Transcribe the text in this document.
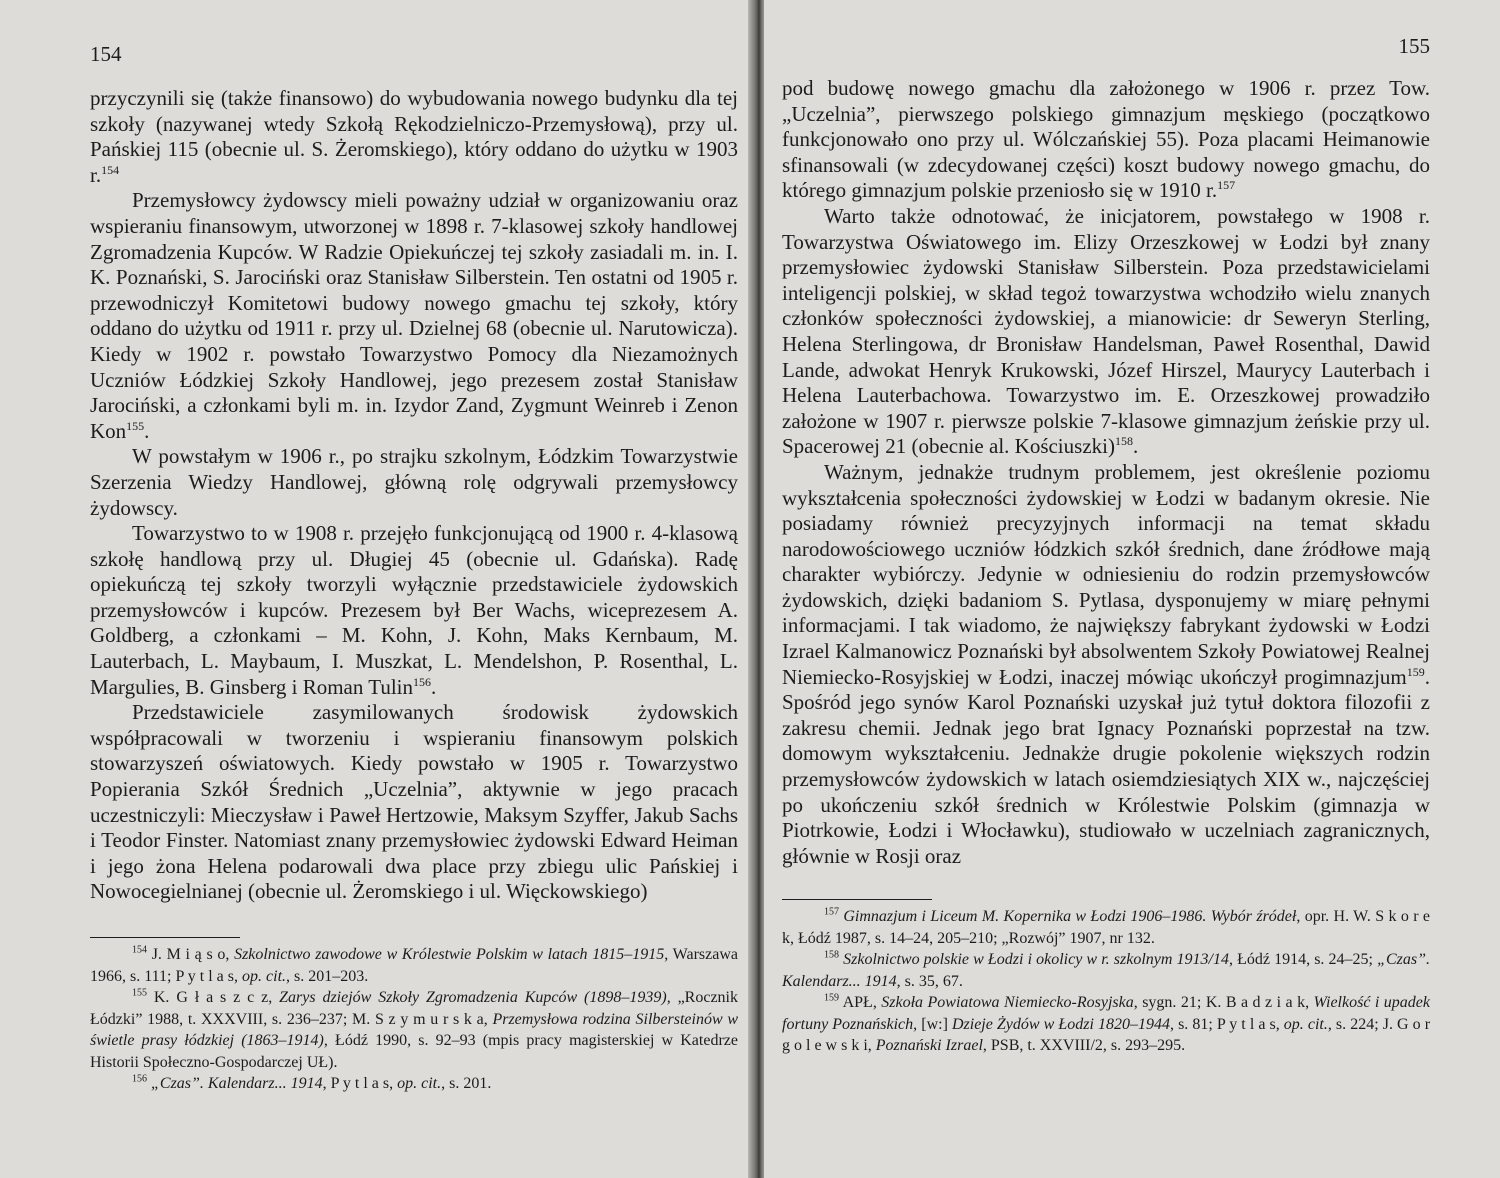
154

przyczynili się (także finansowo) do wybudowania nowego budynku dla tej szkoły (nazywanej wtedy Szkołą Rękodzielniczo-Przemysłową), przy ul. Pańskiej 115 (obecnie ul. S. Żeromskiego), który oddano do użytku w 1903 r.$^{154}$

Przemysłowcy żydowscy mieli poważny udział w organizowaniu oraz wspieraniu finansowym, utworzonej w 1898 r. 7-klasowej szkoły handlowej Zgromadzenia Kupców. W Radzie Opiekuńczej tej szkoły zasiadali m. in. I. K. Poznański, S. Jarociński oraz Stanisław Silberstein. Ten ostatni od 1905 r. przewodniczył Komitetowi budowy nowego gmachu tej szkoły, który oddano do użytku od 1911 r. przy ul. Dzielnej 68 (obecnie ul. Narutowicza). Kiedy w 1902 r. powstało Towarzystwo Pomocy dla Niezamożnych Uczniów Łódzkiej Szkoły Handlowej, jego prezesem został Stanisław Jarociński, a członkami byli m. in. Izydor Zand, Zygmunt Weinreb i Zenon Kon$^{155}$.

W powstałym w 1906 r., po strajku szkolnym, Łódzkim Towarzystwie Szerzenia Wiedzy Handlowej, główną rolę odgrywali przemysłowcy żydowscy.

Towarzystwo to w 1908 r. przejęło funkcjonującą od 1900 r. 4-klasową szkołę handlową przy ul. Długiej 45 (obecnie ul. Gdańska). Radę opiekuńczą tej szkoły tworzyli wyłącznie przedstawiciele żydowskich przemysłowców i kupców. Prezesem był Ber Wachs, wiceprezesem A. Goldberg, a członkami – M. Kohn, J. Kohn, Maks Kernbaum, M. Lauterbach, L. Maybaum, I. Muszkat, L. Mendelshon, P. Rosenthal, L. Margulies, B. Ginsberg i Roman Tulin$^{156}$.

Przedstawiciele zasymilowanych środowisk żydowskich współpracowali w tworzeniu i wspieraniu finansowym polskich stowarzyszeń oświatowych. Kiedy powstało w 1905 r. Towarzystwo Popierania Szkół Średnich „Uczelnia”, aktywnie w jego pracach uczestniczyli: Mieczysław i Paweł Hertzowie, Maksym Szyffer, Jakub Sachs i Teodor Finster. Natomiast znany przemysłowiec żydowski Edward Heiman i jego żona Helena podarowali dwa place przy zbiegu ulic Pańskiej i Nowocegielnianej (obecnie ul. Żeromskiego i ul. Więckowskiego)

$^{154}$ J. M i ą s o, Szkolnictwo zawodowe w Królestwie Polskim w latach 1815–1915, Warszawa 1966, s. 111; P y t l a s, op. cit., s. 201–203.

$^{155}$ K. G ł a s z c z, Zarys dziejów Szkoły Zgromadzenia Kupców (1898–1939), „Rocznik Łódzki” 1988, t. XXXVIII, s. 236–237; M. S z y m u r s k a, Przemysłowa rodzina Silbersteinów w świetle prasy łódzkiej (1863–1914), Łódź 1990, s. 92–93 (mpis pracy magisterskiej w Katedrze Historii Społeczno-Gospodarczej UŁ).

$^{156}$ „Czas”. Kalendarz... 1914, P y t l a s, op. cit., s. 201.

155

pod budowę nowego gmachu dla założonego w 1906 r. przez Tow. „Uczelnia”, pierwszego polskiego gimnazjum męskiego (początkowo funkcjonowało ono przy ul. Wólczańskiej 55). Poza placami Heimanowie sfinansowali (w zdecydowanej części) koszt budowy nowego gmachu, do którego gimnazjum polskie przeniosło się w 1910 r.$^{157}$

Warto także odnotować, że inicjatorem, powstałego w 1908 r. Towarzystwa Oświatowego im. Elizy Orzeszkowej w Łodzi był znany przemysłowiec żydowski Stanisław Silberstein. Poza przedstawicielami inteligencji polskiej, w skład tegoż towarzystwa wchodziło wielu znanych członków społeczności żydowskiej, a mianowicie: dr Seweryn Sterling, Helena Sterlingowa, dr Bronisław Handelsman, Paweł Rosenthal, Dawid Lande, adwokat Henryk Krukowski, Józef Hirszel, Maurycy Lauterbach i Helena Lauterbachowa. Towarzystwo im. E. Orzeszkowej prowadziło założone w 1907 r. pierwsze polskie 7-klasowe gimnazjum żeńskie przy ul. Spacerowej 21 (obecnie al. Kościuszki)$^{158}$.

Ważnym, jednakże trudnym problemem, jest określenie poziomu wykształcenia społeczności żydowskiej w Łodzi w badanym okresie. Nie posiadamy również precyzyjnych informacji na temat składu narodowościowego uczniów łódzkich szkół średnich, dane źródłowe mają charakter wybiórczy. Jedynie w odniesieniu do rodzin przemysłowców żydowskich, dzięki badaniom S. Pytlasa, dysponujemy w miarę pełnymi informacjami. I tak wiadomo, że największy fabrykant żydowski w Łodzi Izrael Kalmanowicz Poznański był absolwentem Szkoły Powiatowej Realnej Niemiecko-Rosyjskiej w Łodzi, inaczej mówiąc ukończył progimnazjum$^{159}$. Spośród jego synów Karol Poznański uzyskał już tytuł doktora filozofii z zakresu chemii. Jednak jego brat Ignacy Poznański poprzestał na tzw. domowym wykształceniu. Jednakże drugie pokolenie większych rodzin przemysłowców żydowskich w latach osiemdziesiątych XIX w., najczęściej po ukończeniu szkół średnich w Królestwie Polskim (gimnazja w Piotrkowie, Łodzi i Włocławku), studiowało w uczelniach zagranicznych, głównie w Rosji oraz

$^{157}$ Gimnazjum i Liceum M. Kopernika w Łodzi 1906–1986. Wybór źródeł, opr. H. W. S k o r e k, Łódź 1987, s. 14–24, 205–210; „Rozwój” 1907, nr 132.

$^{158}$ Szkolnictwo polskie w Łodzi i okolicy w r. szkolnym 1913/14, Łódź 1914, s. 24–25; „Czas”. Kalendarz... 1914, s. 35, 67.

$^{159}$ APŁ, Szkoła Powiatowa Niemiecko-Rosyjska, sygn. 21; K. B a d z i a k, Wielkość i upadek fortuny Poznańskich, [w:] Dzieje Żydów w Łodzi 1820–1944, s. 81; P y t l a s, op. cit., s. 224; J. G o r g o l e w s k i, Poznański Izrael, PSB, t. XXVIII/2, s. 293–295.
